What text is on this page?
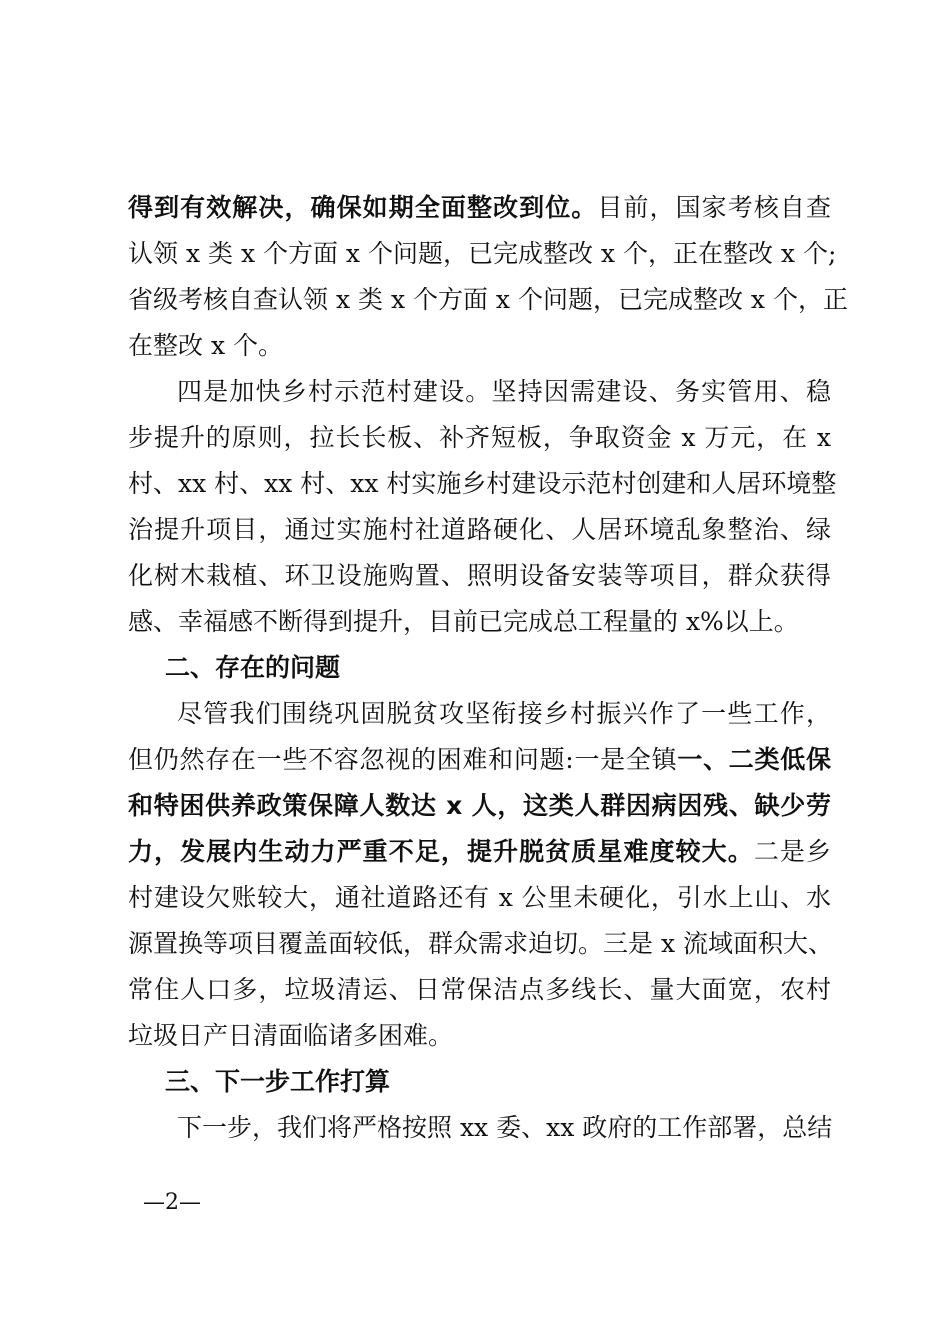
得到有效解决，确保如期全面整改到位。目前，国家考核自查
认领 x 类 x 个方面 x 个问题，已完成整改 x 个，正在整改 x 个;
省级考核自查认领 x 类 x 个方面 x 个问题，已完成整改 x 个，正
在整改 x 个。
四是加快乡村示范村建设。坚持因需建设、务实管用、稳
步提升的原则，拉长长板、补齐短板，争取资金 x 万元，在 x
村、xx 村、xx 村、xx 村实施乡村建设示范村创建和人居环境整
治提升项目，通过实施村社道路硬化、人居环境乱象整治、绿
化树木栽植、环卫设施购置、照明设备安装等项目，群众获得
感、幸福感不断得到提升，目前已完成总工程量的 x%以上。
二、存在的问题
尽管我们围绕巩固脱贫攻坚衔接乡村振兴作了一些工作，
但仍然存在一些不容忽视的困难和问题:一是全镇一、二类低保
和特困供养政策保障人数达 x 人，这类人群因病因残、缺少劳
力，发展内生动力严重不足，提升脱贫质星难度较大。二是乡
村建设欠账较大，通社道路还有 x 公里未硬化，引水上山、水
源置换等项目覆盖面较低，群众需求迫切。三是 x 流域面积大、
常住人口多，垃圾清运、日常保洁点多线长、量大面宽，农村
垃圾日产日清面临诸多困难。
三、下一步工作打算
下一步，我们将严格按照 xx 委、xx 政府的工作部署，总结
—2—
